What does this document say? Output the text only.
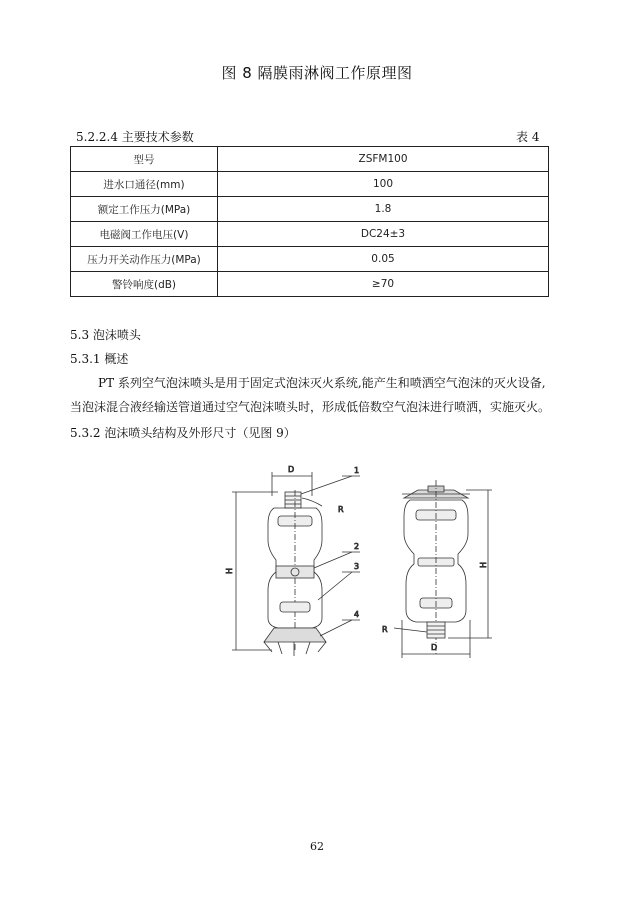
图 8 隔膜雨淋阀工作原理图
5.2.2.4 主要技术参数	表 4
型号	ZSFM100
进水口通径(mm)	100
额定工作压力(MPa)	1.8
电磁阀工作电压(V)	DC24±3
压力开关动作压力(MPa)	0.05
警铃响度(dB)	≥70
5.3 泡沫喷头
5.3.1 概述
PT 系列空气泡沫喷头是用于固定式泡沫灭火系统,能产生和喷洒空气泡沫的灭火设备,
当泡沫混合液经输送管道通过空气泡沫喷头时，形成低倍数空气泡沫进行喷洒，实施灭火。
5.3.2 泡沫喷头结构及外形尺寸（见图 9）
R
D
H
1
2
3
4
H
D
R
62
